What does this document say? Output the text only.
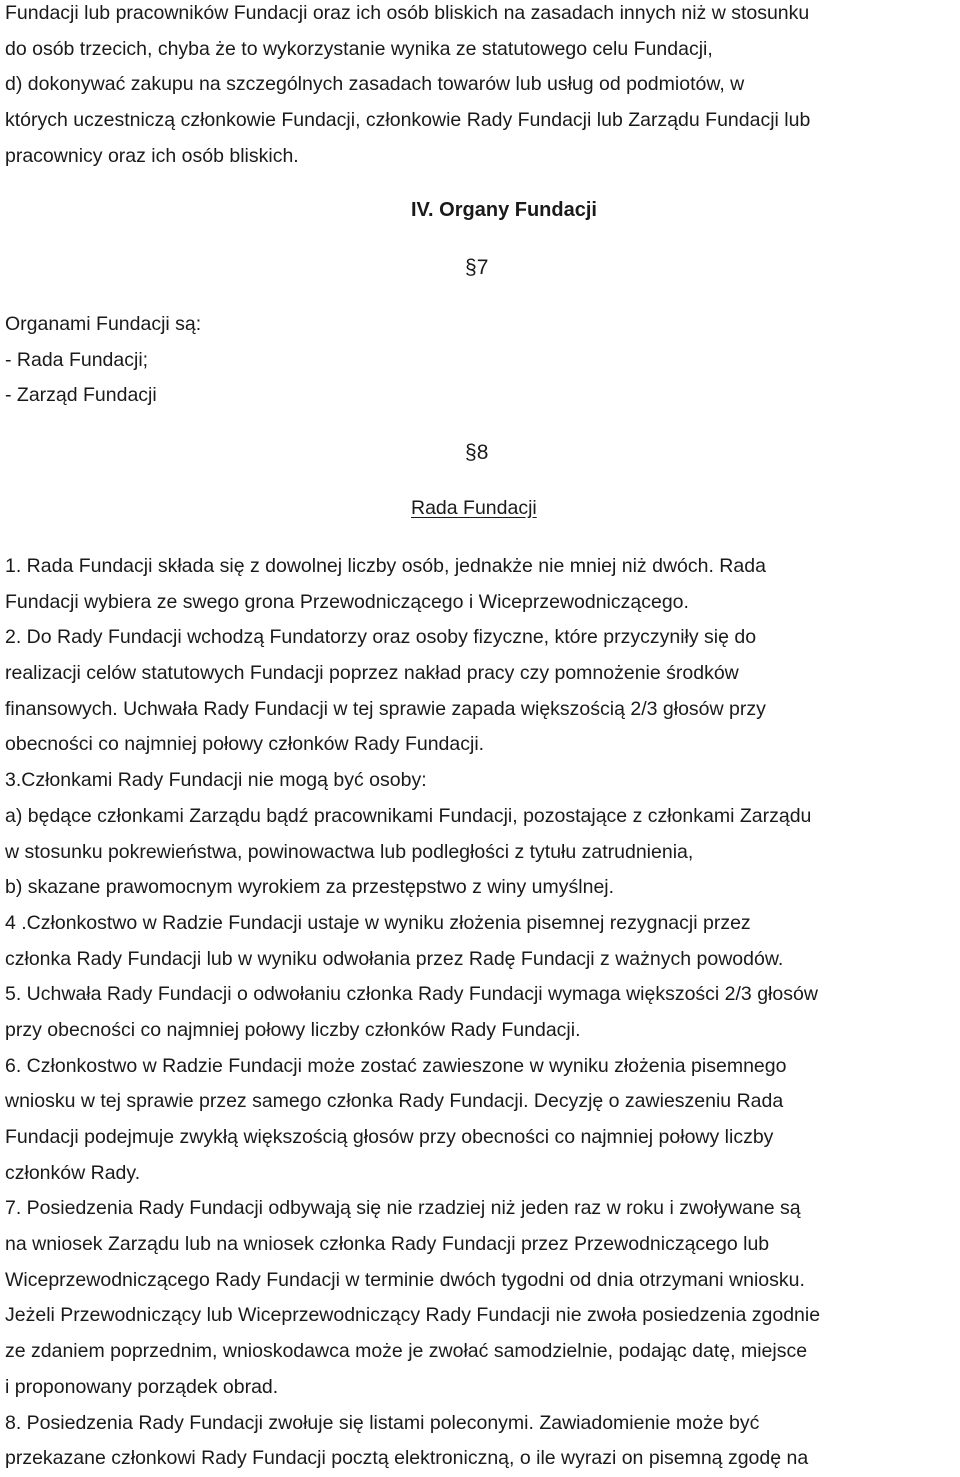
Fundacji lub pracowników Fundacji oraz ich osób bliskich na zasadach innych niż w stosunku
do osób trzecich, chyba że to wykorzystanie wynika ze statutowego celu Fundacji,
d) dokonywać zakupu na szczególnych zasadach towarów lub usług od podmiotów, w
których uczestniczą członkowie Fundacji, członkowie Rady Fundacji lub Zarządu Fundacji lub
pracownicy oraz ich osób bliskich.
IV. Organy Fundacji
§7
Organami Fundacji są:
- Rada Fundacji;
- Zarząd Fundacji
§8
Rada Fundacji
1. Rada Fundacji składa się z dowolnej liczby osób, jednakże nie mniej niż dwóch. Rada
Fundacji wybiera ze swego grona Przewodniczącego i Wiceprzewodniczącego.
2. Do Rady Fundacji wchodzą Fundatorzy oraz osoby fizyczne, które przyczyniły się do
realizacji celów statutowych Fundacji poprzez nakład pracy czy pomnożenie środków
finansowych. Uchwała Rady Fundacji w tej sprawie zapada większością 2/3 głosów przy
obecności co najmniej połowy członków Rady Fundacji.
3.Członkami Rady Fundacji nie mogą być osoby:
a) będące członkami Zarządu bądź pracownikami Fundacji, pozostające z członkami Zarządu
w stosunku pokrewieństwa, powinowactwa lub podległości z tytułu zatrudnienia,
b) skazane prawomocnym wyrokiem za przestępstwo z winy umyślnej.
4 .Członkostwo w Radzie Fundacji ustaje w wyniku złożenia pisemnej rezygnacji przez
członka Rady Fundacji lub w wyniku odwołania przez Radę Fundacji z ważnych powodów.
5. Uchwała Rady Fundacji o odwołaniu członka Rady Fundacji wymaga większości 2/3 głosów
przy obecności co najmniej połowy liczby członków Rady Fundacji.
6. Członkostwo w Radzie Fundacji może zostać zawieszone w wyniku złożenia pisemnego
wniosku w tej sprawie przez samego członka Rady Fundacji. Decyzję o zawieszeniu Rada
Fundacji podejmuje zwykłą większością głosów przy obecności co najmniej połowy liczby
członków Rady.
7. Posiedzenia Rady Fundacji odbywają się nie rzadziej niż jeden raz w roku i zwoływane są
na wniosek Zarządu lub na wniosek członka Rady Fundacji przez Przewodniczącego lub
Wiceprzewodniczącego Rady Fundacji w terminie dwóch tygodni od dnia otrzymani wniosku.
Jeżeli Przewodniczący lub Wiceprzewodniczący Rady Fundacji nie zwoła posiedzenia zgodnie
ze zdaniem poprzednim, wnioskodawca może je zwołać samodzielnie, podając datę, miejsce
i proponowany porządek obrad.
8. Posiedzenia Rady Fundacji zwołuje się listami poleconymi. Zawiadomienie może być
przekazane członkowi Rady Fundacji pocztą elektroniczną, o ile wyrazi on pisemną zgodę na
